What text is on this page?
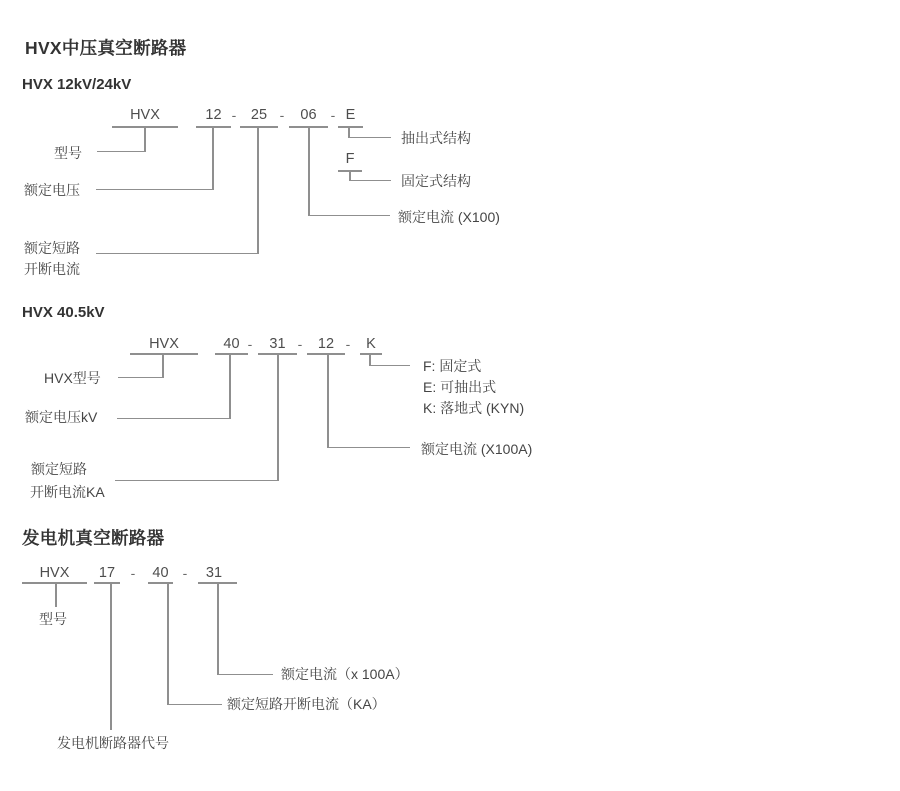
HVX中压真空断路器
HVX 12kV/24kV
HVX	12 -	25 -	06	- E
F
型号
额定电压
额定短路
开断电流
抽出式结构
固定式结构
额定电流 (X100)
HVX 40.5kV
HVX	40 -	31 -	12 -	K
HVX型号
额定电压kV
额定短路
开断电流KA
F: 固定式
E: 可抽出式
K: 落地式 (KYN)
额定电流 (X100A)
发电机真空断路器
HVX	17	-	40	-	31
型号
额定电流（x 100A）
额定短路开断电流（KA）
发电机断路器代号
